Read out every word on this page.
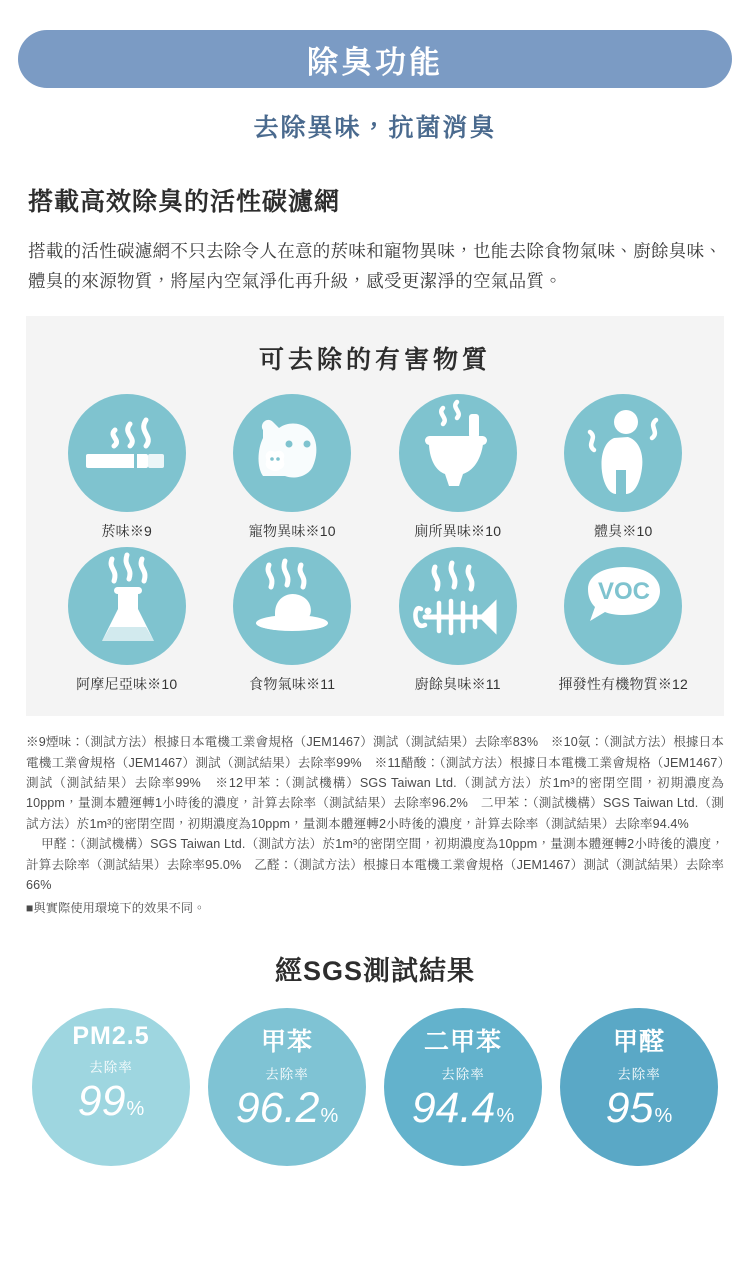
除臭功能
去除異味，抗菌消臭
搭載高效除臭的活性碳濾網

搭載的活性碳濾網不只去除令人在意的菸味和寵物異味，也能去除食物氣味、廚餘臭味、體臭的來源物質，將屋內空氣淨化再升級，感受更潔淨的空氣品質。

可去除的有害物質
菸味※9	寵物異味※10	廁所異味※10	體臭※10
阿摩尼亞味※10	食物氣味※11	廚餘臭味※11
VOC
揮發性有機物質※12
※9煙味：（測試方法）根據日本電機工業會規格（JEM1467）測試（測試結果）去除率83%　※10氨：（測試方法）根據日本電機工業會規格（JEM1467）測試（測試結果）去除率99%　※11醋酸：（測試方法）根據日本電機工業會規格（JEM1467）測試（測試結果）去除率99%　※12甲苯：（測試機構）SGS Taiwan Ltd.（測試方法）於1m³的密閉空間，初期濃度為10ppm，量測本體運轉1小時後的濃度，計算去除率（測試結果）去除率96.2%　二甲苯：（測試機構）SGS Taiwan Ltd.（測試方法）於1m³的密閉空間，初期濃度為10ppm，量測本體運轉2小時後的濃度，計算去除率（測試結果）去除率94.4%
甲醛：（測試機構）SGS Taiwan Ltd.（測試方法）於1m³的密閉空間，初期濃度為10ppm，量測本體運轉2小時後的濃度，計算去除率（測試結果）去除率95.0%　乙醛：（測試方法）根據日本電機工業會規格（JEM1467）測試（測試結果）去除率66%
■與實際使用環境下的效果不同。
經SGS測試結果
PM2.5
去除率
99%
甲苯
去除率
96.2%
二甲苯
去除率
94.4%
甲醛
去除率
95%
